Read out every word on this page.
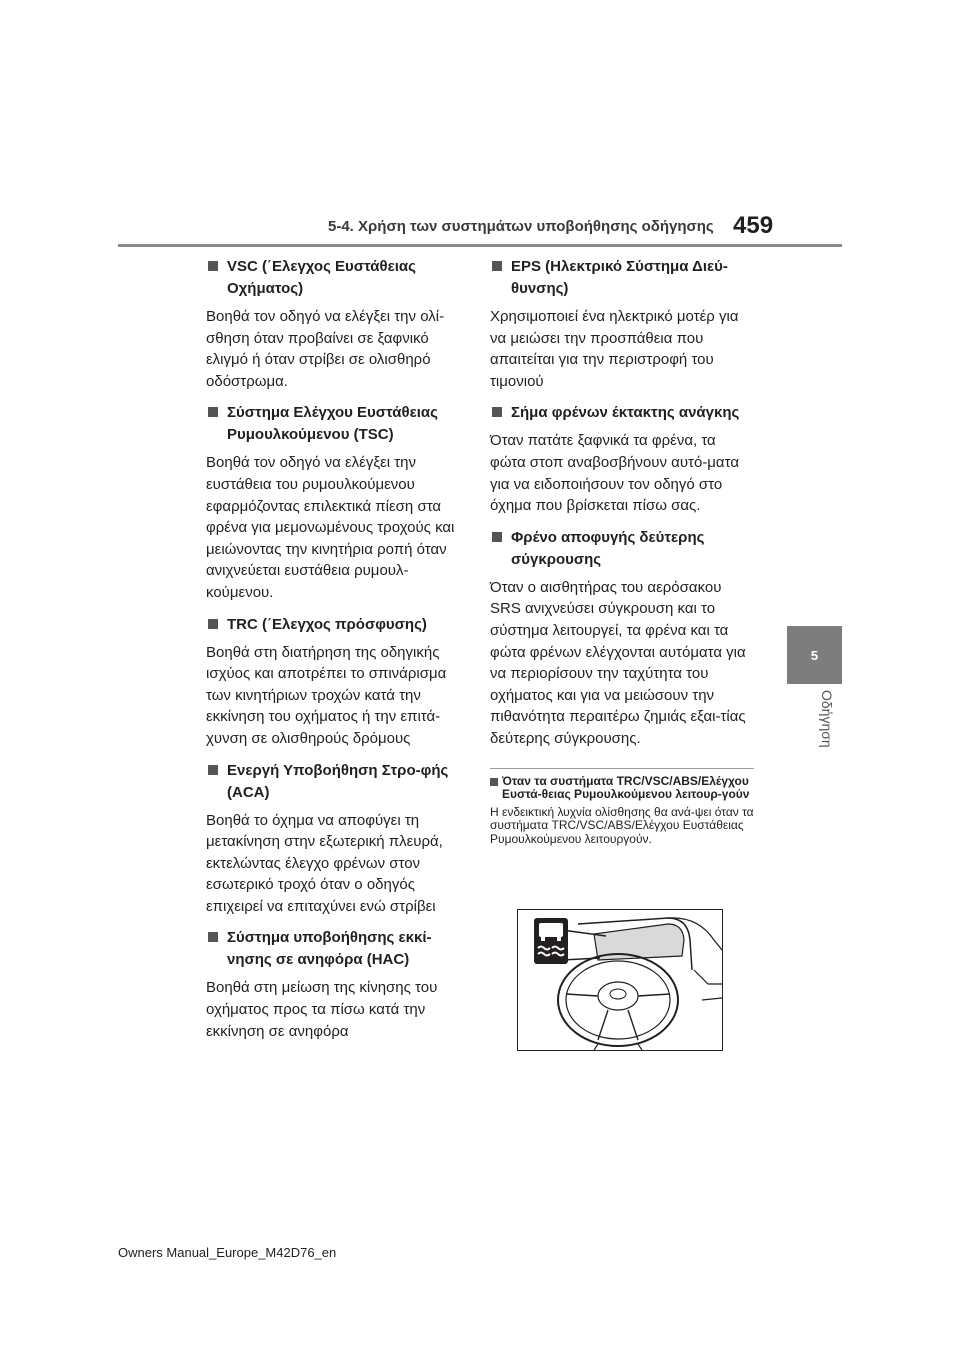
5-4. Χρήση των συστημάτων υποβοήθησης οδήγησης 459
5
Οδήγηση
VSC (΄Ελεγχος Ευστάθειας Οχήματος)

Βοηθά τον οδηγό να ελέγξει την ολί-σθηση όταν προβαίνει σε ξαφνικό ελιγμό ή όταν στρίβει σε ολισθηρό οδόστρωμα.

Σύστημα Ελέγχου Ευστάθειας Ρυμουλκούμενου (TSC)

Βοηθά τον οδηγό να ελέγξει την ευστάθεια του ρυμουλκούμενου εφαρμόζοντας επιλεκτικά πίεση στα φρένα για μεμονωμένους τροχούς και μειώνοντας την κινητήρια ροπή όταν ανιχνεύεται ευστάθεια ρυμουλ-κούμενου.

TRC (΄Ελεγχος πρόσφυσης)

Βοηθά στη διατήρηση της οδηγικής ισχύος και αποτρέπει το σπινάρισμα των κινητήριων τροχών κατά την εκκίνηση του οχήματος ή την επιτά-χυνση σε ολισθηρούς δρόμους

Ενεργή Υποβοήθηση Στρο-φής (ACA)

Βοηθά το όχημα να αποφύγει τη μετακίνηση στην εξωτερική πλευρά, εκτελώντας έλεγχο φρένων στον εσωτερικό τροχό όταν ο οδηγός επιχειρεί να επιταχύνει ενώ στρίβει

Σύστημα υποβοήθησης εκκί-νησης σε ανηφόρα (HAC)

Βοηθά στη μείωση της κίνησης του οχήματος προς τα πίσω κατά την εκκίνηση σε ανηφόρα

EPS (Ηλεκτρικό Σύστημα Διεύ-θυνσης)

Χρησιμοποιεί ένα ηλεκτρικό μοτέρ για να μειώσει την προσπάθεια που απαιτείται για την περιστροφή του τιμονιού

Σήμα φρένων έκτακτης ανάγκης

Όταν πατάτε ξαφνικά τα φρένα, τα φώτα στοπ αναβοσβήνουν αυτό-ματα για να ειδοποιήσουν τον οδηγό στο όχημα που βρίσκεται πίσω σας.

Φρένο αποφυγής δεύτερης σύγκρουσης

Όταν ο αισθητήρας του αερόσακου SRS ανιχνεύσει σύγκρουση και το σύστημα λειτουργεί, τα φρένα και τα φώτα φρένων ελέγχονται αυτόματα για να περιορίσουν την ταχύτητα του οχήματος και για να μειώσουν την πιθανότητα περαιτέρω ζημιάς εξαι-τίας δεύτερης σύγκρουσης.

Όταν τα συστήματα TRC/VSC/ABS/Ελέγχου Ευστά-θειας Ρυμουλκούμενου λειτουρ-γούν

Η ενδεικτική λυχνία ολίσθησης θα ανά-ψει όταν τα συστήματα TRC/VSC/ABS/Ελέγχου Ευστάθειας Ρυμουλκούμενου λειτουργούν.

Owners Manual_Europe_M42D76_en
